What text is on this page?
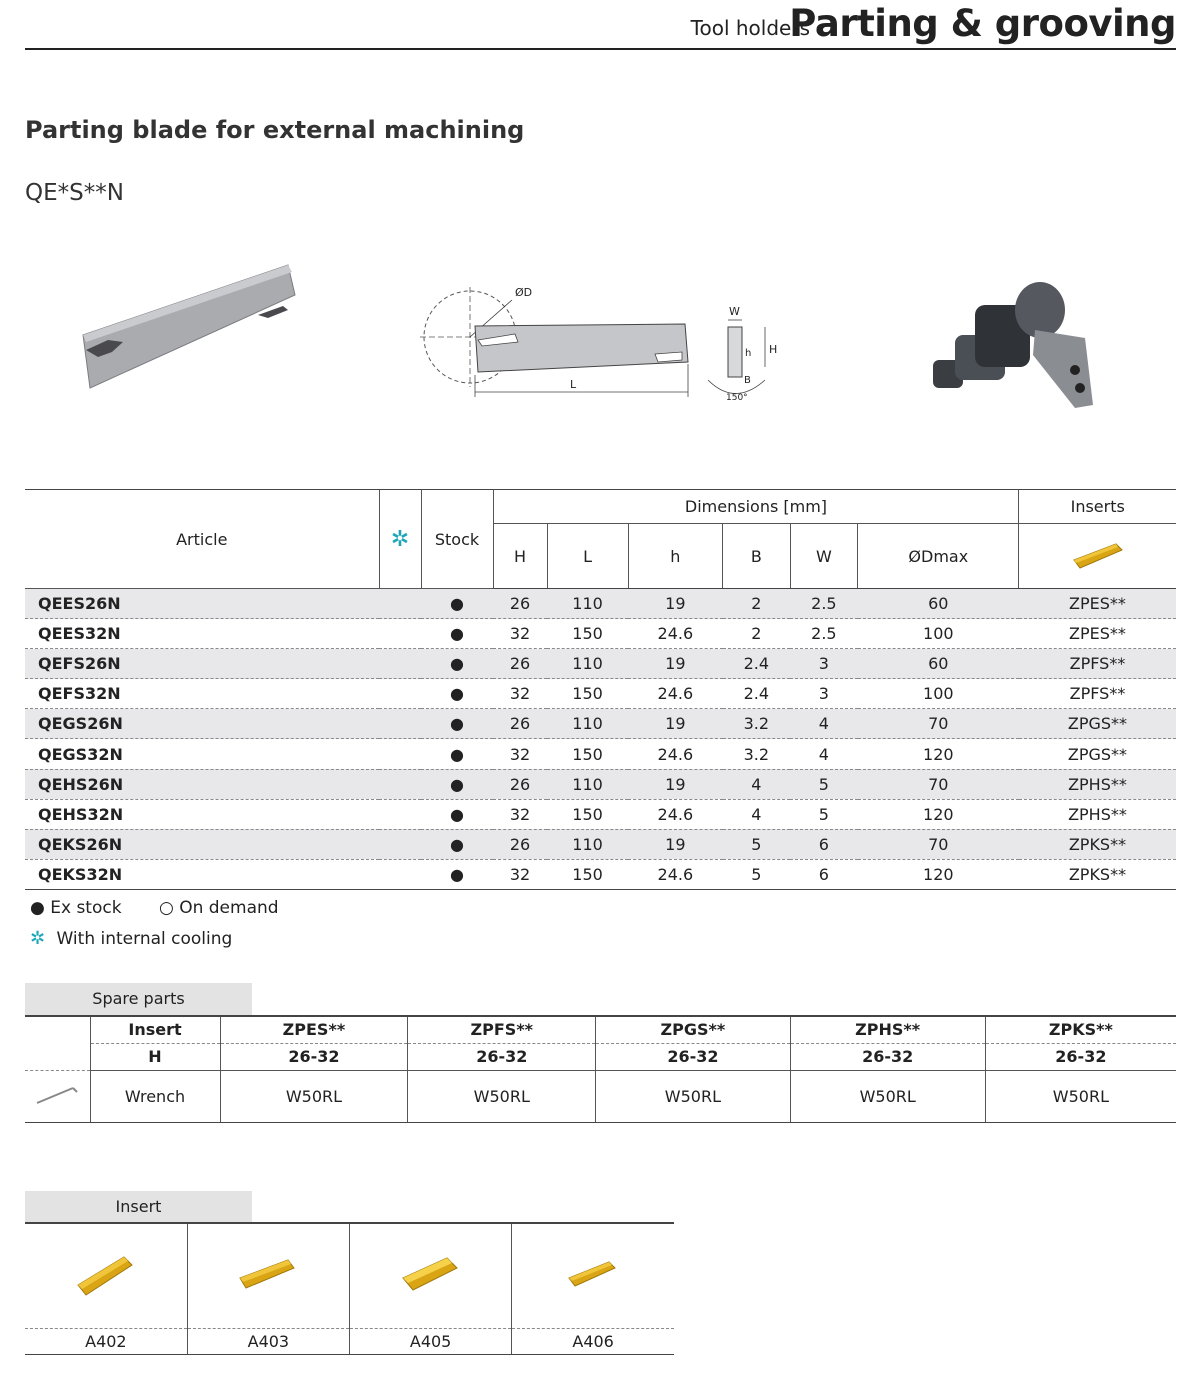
Tool holders
Parting & grooving
Parting blade for external machining
QE*S**N
ØD
L
W
H
h
B
150°
Article	✲	Stock	Dimensions [mm]						Inserts
			H	L	h	B	W	ØDmax	
QEES26N		●	26	110	19	2	2.5	60	ZPES**
QEES32N		●	32	150	24.6	2	2.5	100	ZPES**
QEFS26N		●	26	110	19	2.4	3	60	ZPFS**
QEFS32N		●	32	150	24.6	2.4	3	100	ZPFS**
QEGS26N		●	26	110	19	3.2	4	70	ZPGS**
QEGS32N		●	32	150	24.6	3.2	4	120	ZPGS**
QEHS26N		●	26	110	19	4	5	70	ZPHS**
QEHS32N		●	32	150	24.6	4	5	120	ZPHS**
QEKS26N		●	26	110	19	5	6	70	ZPKS**
QEKS32N		●	32	150	24.6	5	6	120	ZPKS**
● Ex stock ○ On demand
✲ With internal cooling
Spare parts
	Insert	ZPES**	ZPFS**	ZPGS**	ZPHS**	ZPKS**
	H	26-32	26-32	26-32	26-32	26-32
	Wrench	W50RL	W50RL	W50RL	W50RL	W50RL
Insert

A402	A403	A405	A406
